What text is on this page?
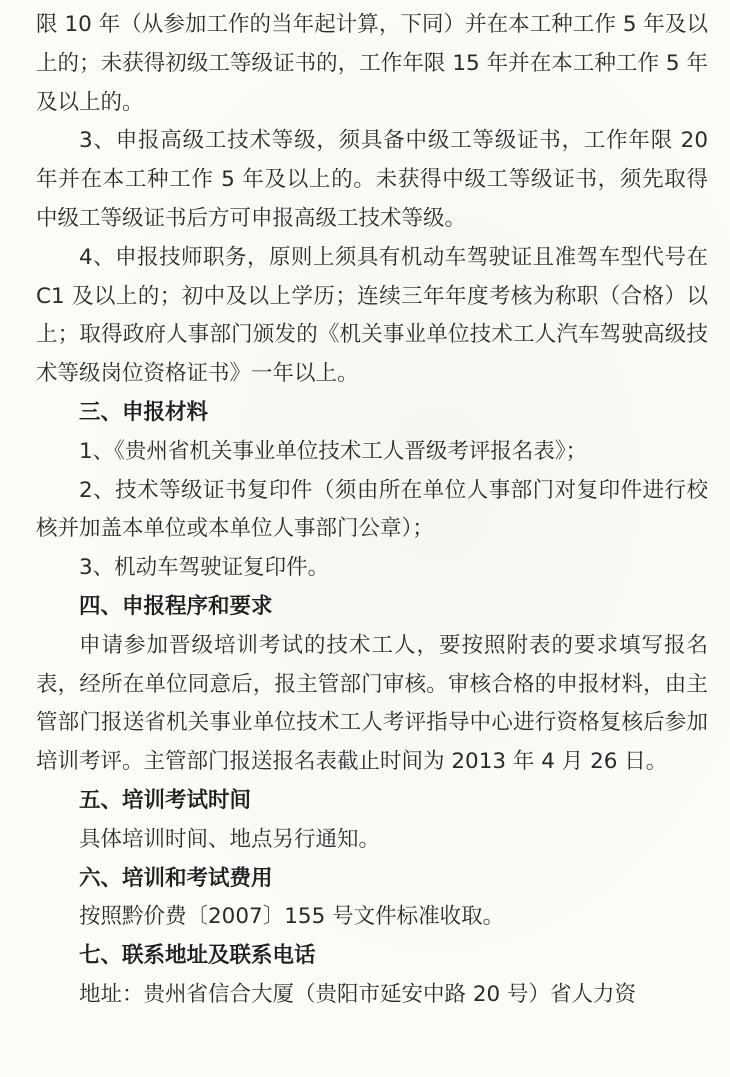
限 10 年（从参加工作的当年起计算，下同）并在本工种工作 5 年及以上的；未获得初级工等级证书的，工作年限 15 年并在本工种工作 5 年及以上的。

3、申报高级工技术等级，须具备中级工等级证书，工作年限 20 年并在本工种工作 5 年及以上的。未获得中级工等级证书，须先取得中级工等级证书后方可申报高级工技术等级。

4、申报技师职务，原则上须具有机动车驾驶证且准驾车型代号在 C1 及以上的；初中及以上学历；连续三年年度考核为称职（合格）以上；取得政府人事部门颁发的《机关事业单位技术工人汽车驾驶高级技术等级岗位资格证书》一年以上。

三、申报材料

1、《贵州省机关事业单位技术工人晋级考评报名表》；

2、技术等级证书复印件（须由所在单位人事部门对复印件进行校核并加盖本单位或本单位人事部门公章）；

3、机动车驾驶证复印件。

四、申报程序和要求

申请参加晋级培训考试的技术工人，要按照附表的要求填写报名表，经所在单位同意后，报主管部门审核。审核合格的申报材料，由主管部门报送省机关事业单位技术工人考评指导中心进行资格复核后参加培训考评。主管部门报送报名表截止时间为 2013 年 4 月 26 日。

五、培训考试时间

具体培训时间、地点另行通知。

六、培训和考试费用

按照黔价费〔2007〕155 号文件标准收取。

七、联系地址及联系电话

地址：贵州省信合大厦（贵阳市延安中路 20 号）省人力资
